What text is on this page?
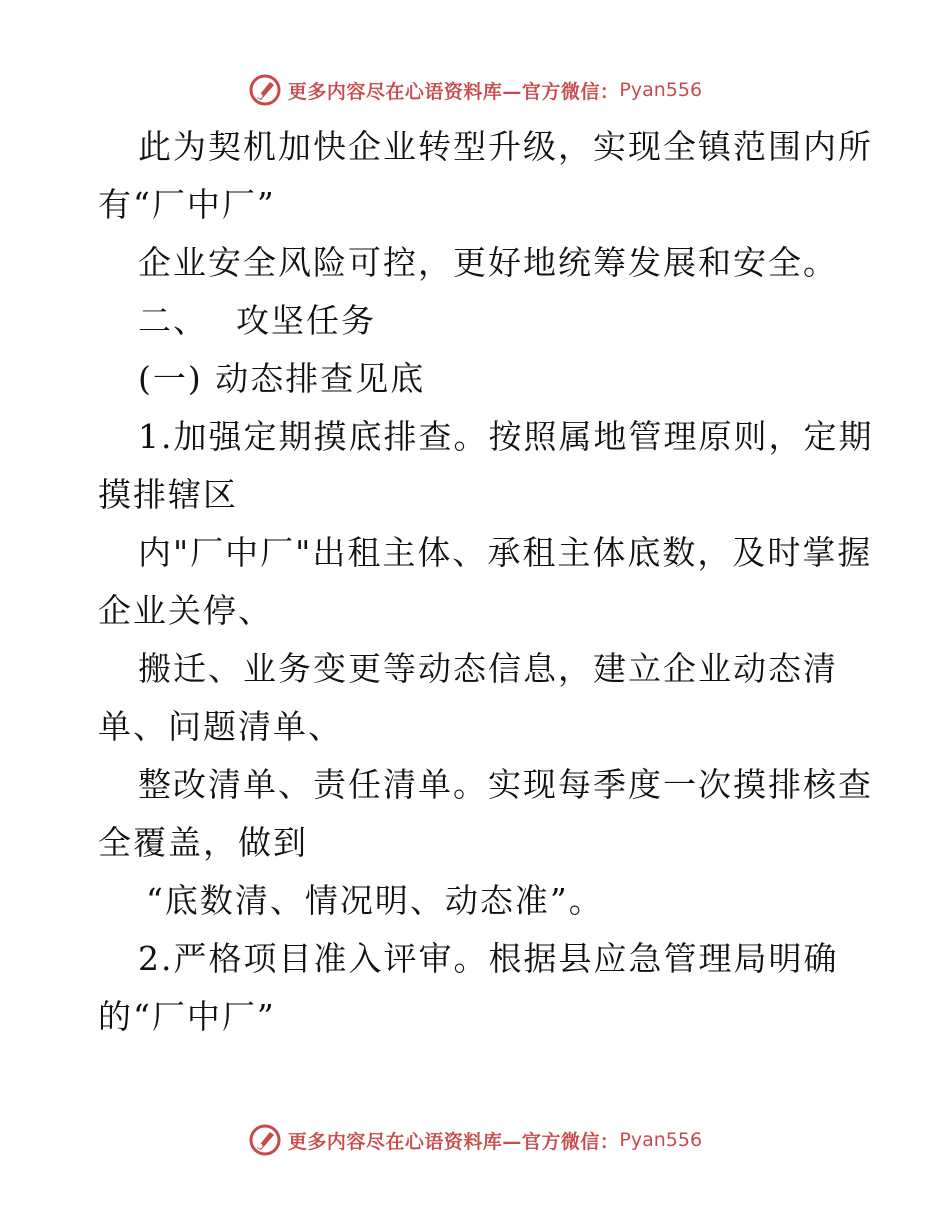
更多内容尽在心语资料库—官方微信： Pyan556
此为契机加快企业转型升级，实现全镇范围内所
有“厂中厂”
企业安全风险可控，更好地统筹发展和安全。
二、 攻坚任务
(一) 动态排查见底
1.加强定期摸底排查。按照属地管理原则，定期
摸排辖区
内"厂中厂"出租主体、承租主体底数，及时掌握
企业关停、
搬迁、业务变更等动态信息，建立企业动态清
单、问题清单、
整改清单、责任清单。实现每季度一次摸排核查
全覆盖，做到
“底数清、情况明、动态准”。
2.严格项目准入评审。根据县应急管理局明确
的“厂中厂”
更多内容尽在心语资料库—官方微信： Pyan556
